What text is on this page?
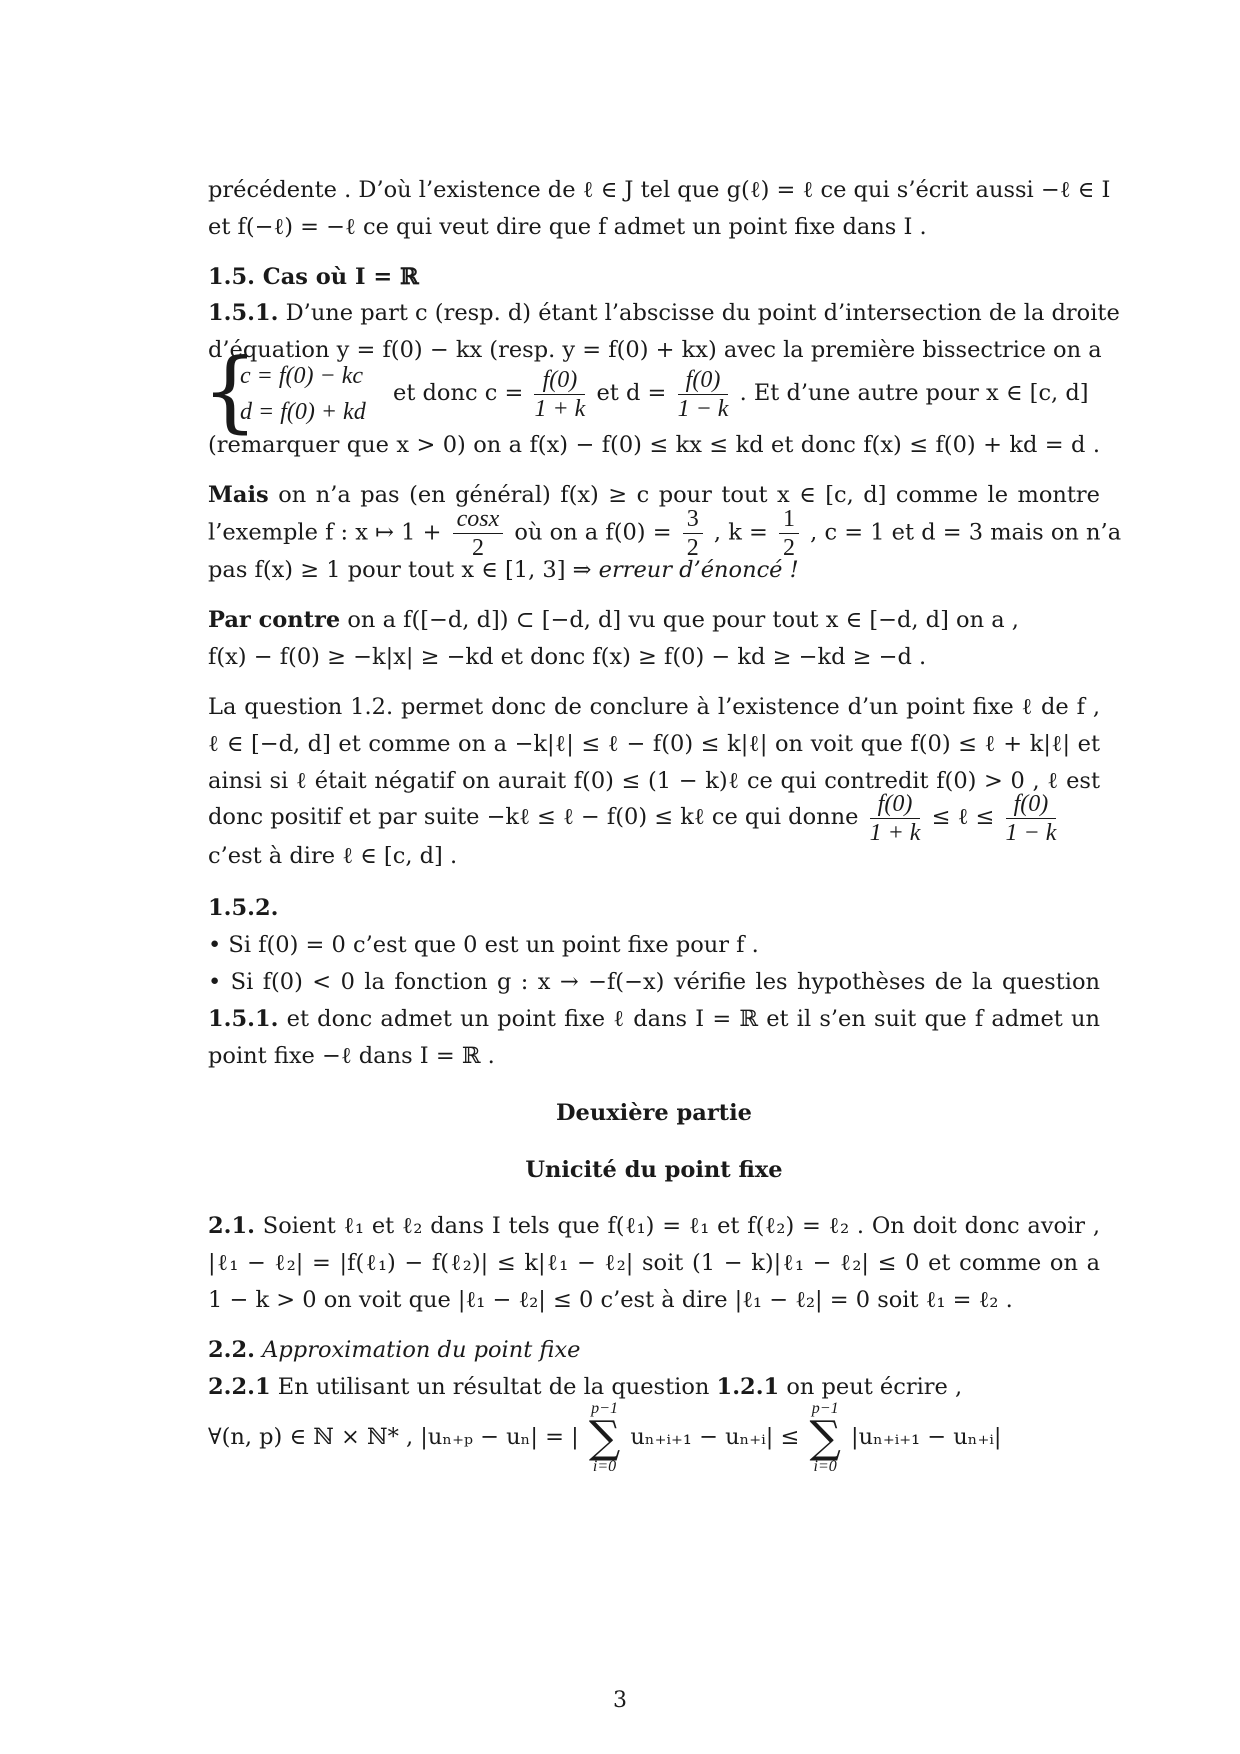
précédente . D’où l’existence de ℓ ∈ J tel que g(ℓ) = ℓ ce qui s’écrit aussi −ℓ ∈ I
et f(−ℓ) = −ℓ ce qui veut dire que f admet un point fixe dans I .
1.5. Cas où I = ℝ
1.5.1. D’une part c (resp. d) étant l’abscisse du point d’intersection de la droite
d’équation y = f(0) − kx (resp. y = f(0) + kx) avec la première bissectrice on a
{
c = f(0) − kc
d = f(0) + kd
et donc $c = \frac{f(0)}{1 + k}$ et $d = \frac{f(0)}{1 - k}$ . Et d’une autre pour x ∈ [c, d]
(remarquer que x > 0) on a f(x) − f(0) ≤ kx ≤ kd et donc f(x) ≤ f(0) + kd = d .
Mais on n’a pas (en général) f(x) ≥ c pour tout x ∈ [c, d] comme le montre
l’exemple f : x ↦ $1 + \frac{\cos x}{2}$ où on a $f(0) = \frac{3}{2}$ , $k = \frac{1}{2}$ , c = 1 et d = 3 mais on n’a
pas f(x) ≥ 1 pour tout x ∈ [1, 3] ⇒ erreur d’énoncé !
Par contre on a f([−d, d]) ⊂ [−d, d] vu que pour tout x ∈ [−d, d] on a ,
f(x) − f(0) ≥ −k|x| ≥ −kd et donc f(x) ≥ f(0) − kd ≥ −kd ≥ −d .
La question 1.2. permet donc de conclure à l’existence d’un point fixe ℓ de f ,
ℓ ∈ [−d, d] et comme on a −k|ℓ| ≤ ℓ − f(0) ≤ k|ℓ| on voit que f(0) ≤ ℓ + k|ℓ| et
ainsi si ℓ était négatif on aurait f(0) ≤ (1 − k)ℓ ce qui contredit f(0) > 0 , ℓ est
donc positif et par suite −kℓ ≤ ℓ − f(0) ≤ kℓ ce qui donne $\frac{f(0)}{1 + k}$ ≤ ℓ ≤ $\frac{f(0)}{1 - k}$
c’est à dire ℓ ∈ [c, d] .
1.5.2.
• Si f(0) = 0 c’est que 0 est un point fixe pour f .
• Si f(0) < 0 la fonction g : x → −f(−x) vérifie les hypothèses de la question
1.5.1. et donc admet un point fixe ℓ dans I = ℝ et il s’en suit que f admet un
point fixe −ℓ dans I = ℝ .
Deuxière partie
Unicité du point fixe
2.1. Soient ℓ₁ et ℓ₂ dans I tels que f(ℓ₁) = ℓ₁ et f(ℓ₂) = ℓ₂ . On doit donc avoir ,
|ℓ₁ − ℓ₂| = |f(ℓ₁) − f(ℓ₂)| ≤ k|ℓ₁ − ℓ₂| soit (1 − k)|ℓ₁ − ℓ₂| ≤ 0 et comme on a
1 − k > 0 on voit que |ℓ₁ − ℓ₂| ≤ 0 c’est à dire |ℓ₁ − ℓ₂| = 0 soit ℓ₁ = ℓ₂ .
2.2. Approximation du point fixe
2.2.1 En utilisant un résultat de la question 1.2.1 on peut écrire ,
∀(n, p) ∈ ℕ × ℕ* , |uₙ₊ₚ − uₙ| = |
p−1
∑
i=0
uₙ₊ᵢ₊₁ − uₙ₊ᵢ| ≤
p−1
∑
i=0
|uₙ₊ᵢ₊₁ − uₙ₊ᵢ|
3
